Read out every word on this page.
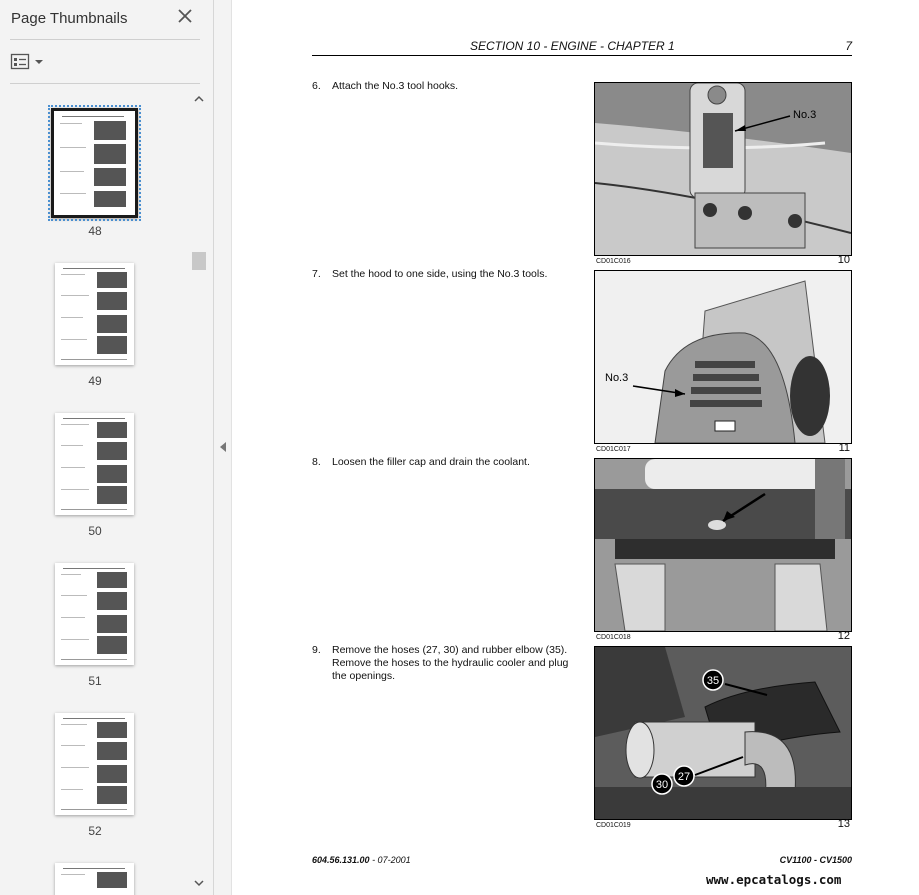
Page Thumbnails
48
49
50
51
52
SECTION 10 - ENGINE - CHAPTER 1	7
6. Attach the No.3 tool hooks.
No.3
CD01C016	10
7. Set the hood to one side, using the No.3 tools.
No.3
CD01C017	11
8. Loosen the filler cap and drain the coolant.
CD01C018	12
9. Remove the hoses (27, 30) and rubber elbow (35). Remove the hoses to the hydraulic cooler and plug the openings.	35
27
30
CD01C019	13
604.56.131.00 - 07-2001	CV1100 - CV1500
www.epcatalogs.com
